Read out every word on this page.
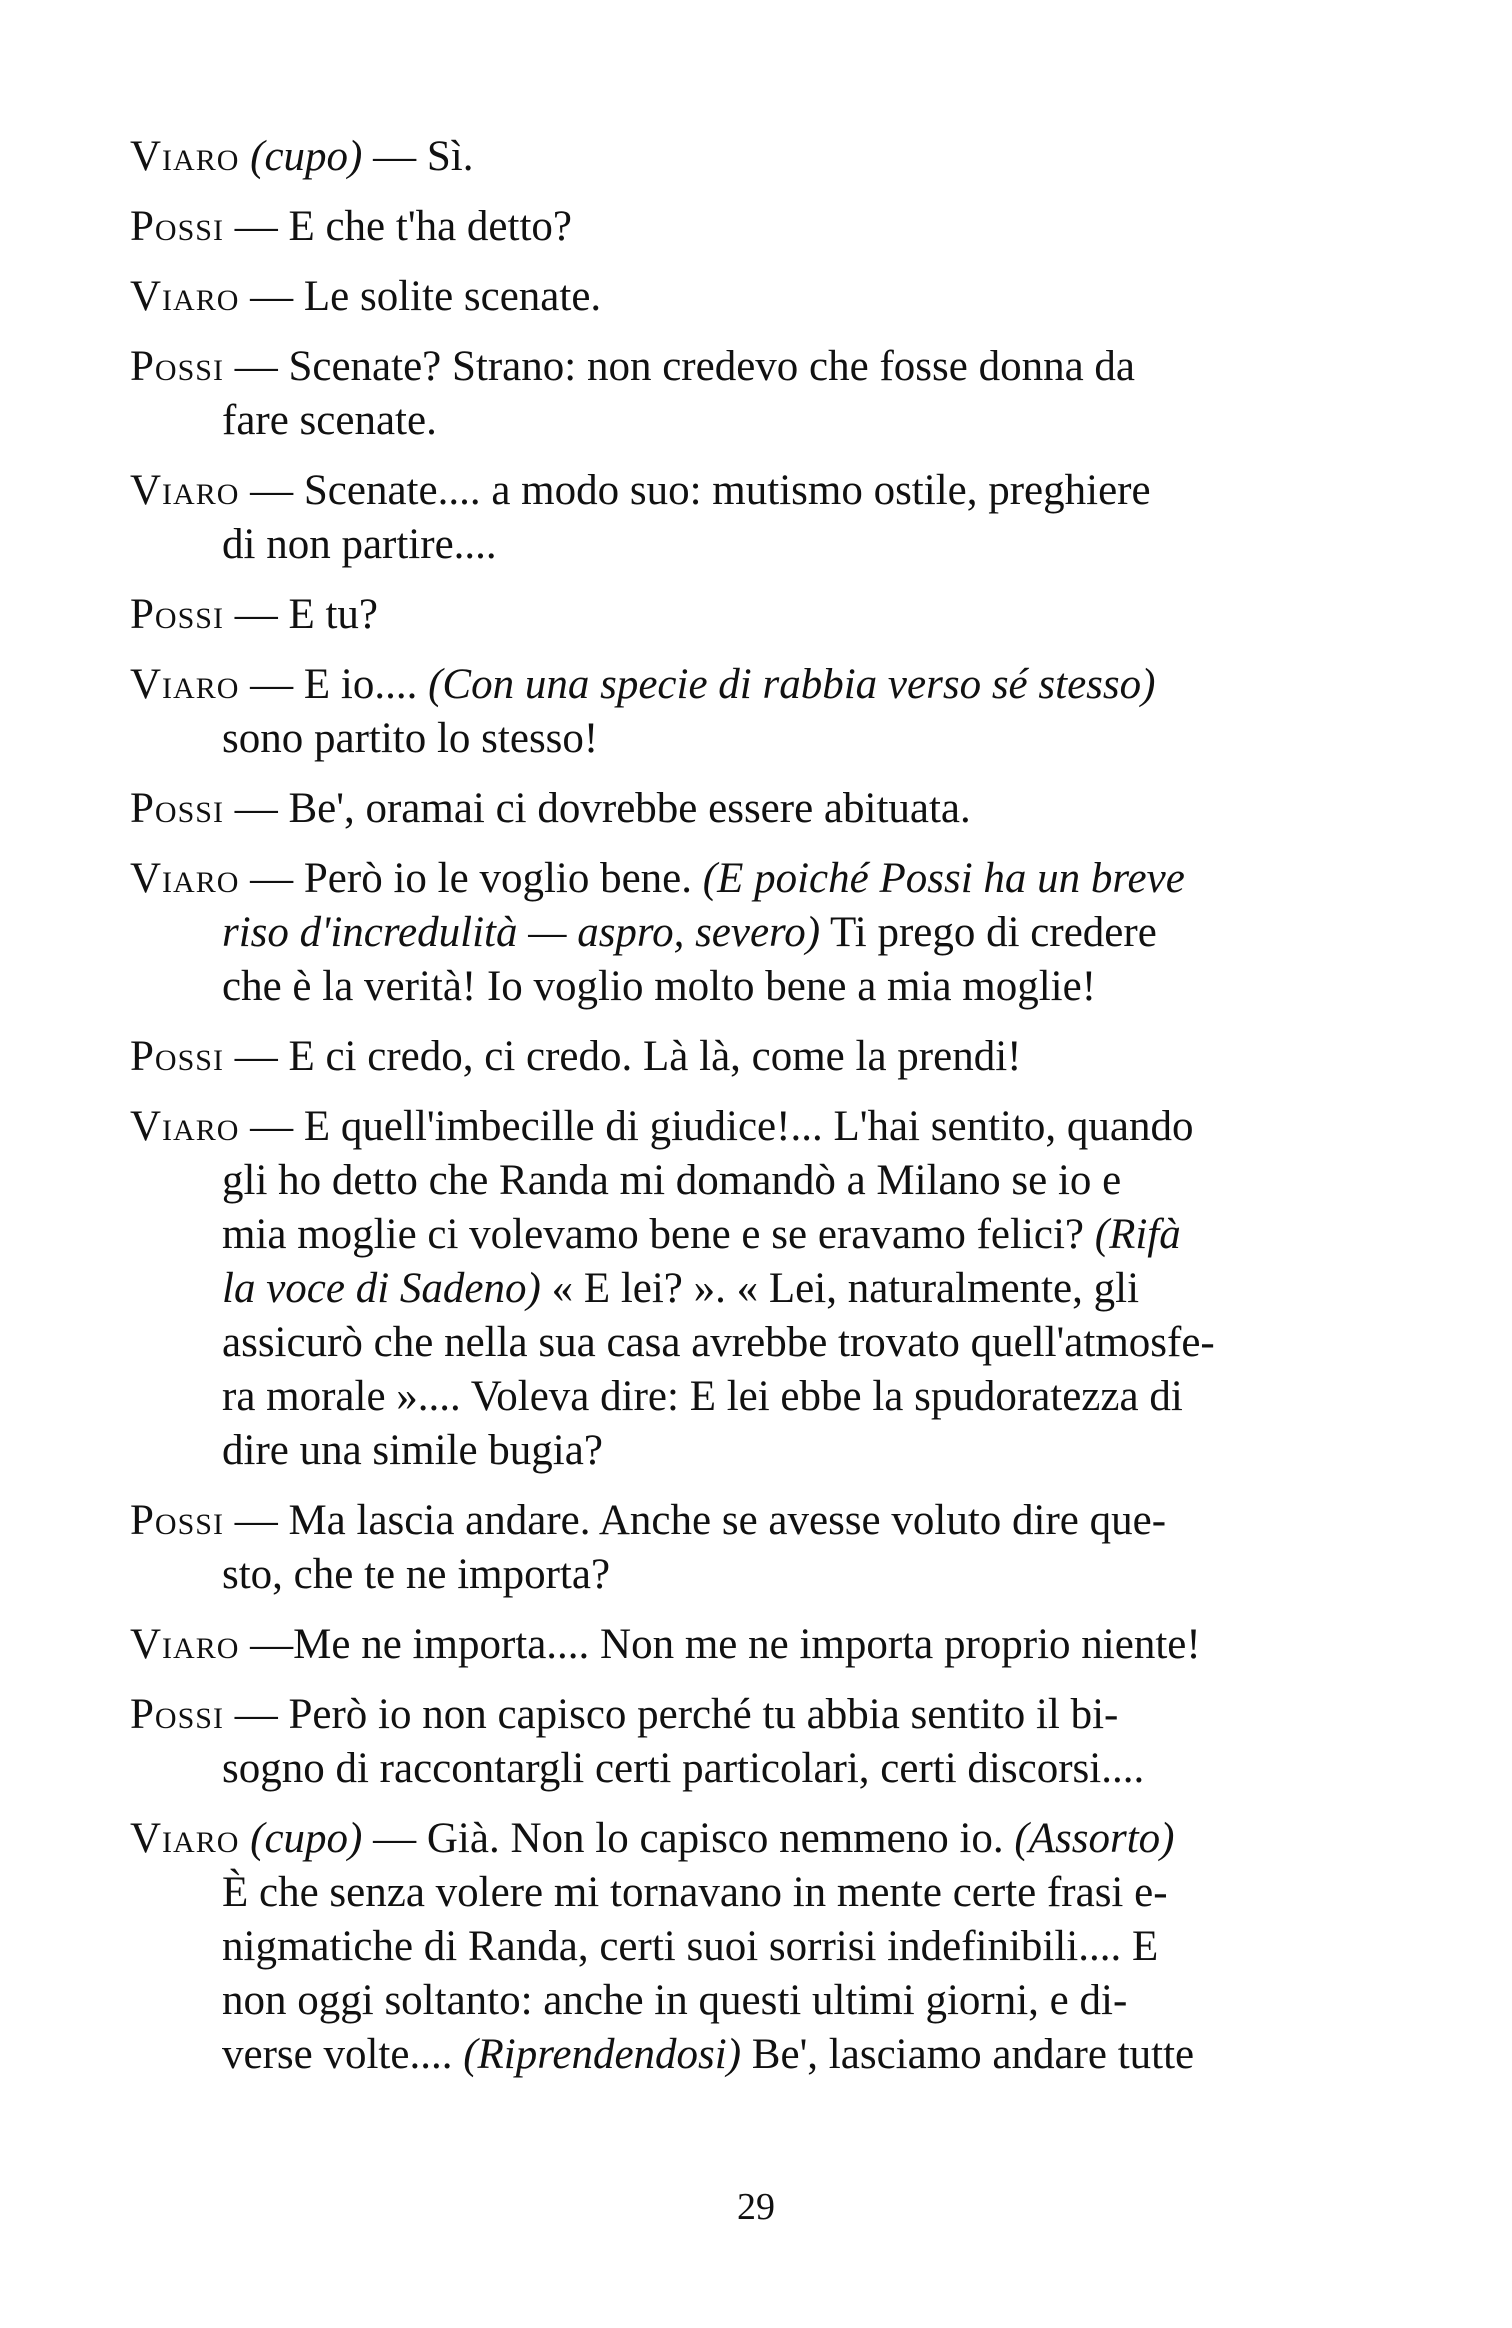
Viaro (cupo) — Sì.

Possi — E che t'ha detto?

Viaro — Le solite scenate.

Possi — Scenate? Strano: non credevo che fosse donna da

fare scenate.

Viaro — Scenate.... a modo suo: mutismo ostile, preghiere

di non partire....

Possi — E tu?

Viaro — E io.... (Con una specie di rabbia verso sé stesso)

sono partito lo stesso!

Possi — Be', oramai ci dovrebbe essere abituata.

Viaro — Però io le voglio bene. (E poiché Possi ha un breve

riso d'incredulità — aspro, severo) Ti prego di credere

che è la verità! Io voglio molto bene a mia moglie!

Possi — E ci credo, ci credo. Là là, come la prendi!

Viaro — E quell'imbecille di giudice!... L'hai sentito, quando

gli ho detto che Randa mi domandò a Milano se io e

mia moglie ci volevamo bene e se eravamo felici? (Rifà

la voce di Sadeno) « E lei? ». « Lei, naturalmente, gli

assicurò che nella sua casa avrebbe trovato quell'atmosfe-

ra morale ».... Voleva dire: E lei ebbe la spudoratezza di

dire una simile bugia?

Possi — Ma lascia andare. Anche se avesse voluto dire que-

sto, che te ne importa?

Viaro —Me ne importa.... Non me ne importa proprio niente!

Possi — Però io non capisco perché tu abbia sentito il bi-

sogno di raccontargli certi particolari, certi discorsi....

Viaro (cupo) — Già. Non lo capisco nemmeno io. (Assorto)

È che senza volere mi tornavano in mente certe frasi e-

nigmatiche di Randa, certi suoi sorrisi indefinibili.... E

non oggi soltanto: anche in questi ultimi giorni, e di-

verse volte.... (Riprendendosi) Be', lasciamo andare tutte

29
